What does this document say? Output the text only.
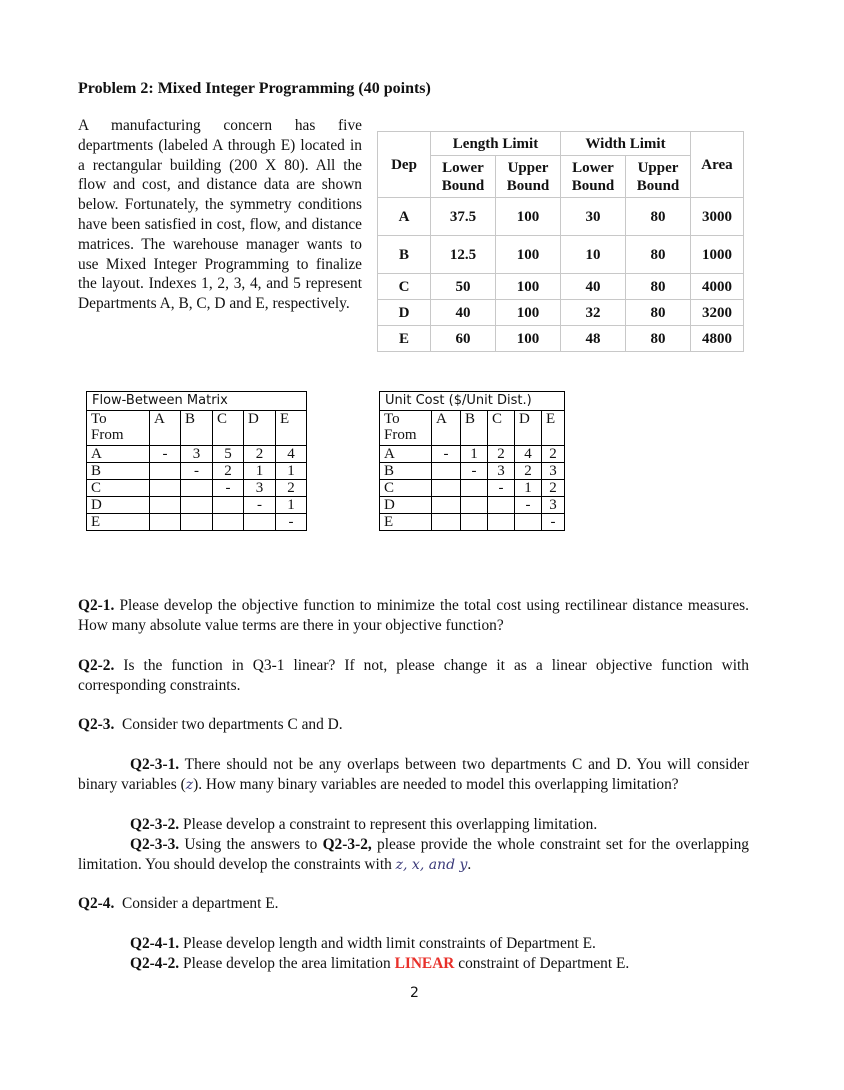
Problem 2: Mixed Integer Programming (40 points)
A manufacturing concern has five departments (labeled A through E) located in a rectangular building (200 X 80). All the flow and cost, and distance data are shown below. Fortunately, the symmetry conditions have been satisfied in cost, flow, and distance matrices. The warehouse manager wants to use Mixed Integer Programming to finalize the layout. Indexes 1, 2, 3, 4, and 5 represent Departments A, B, C, D and E, respectively.
Dep	Length Limit		Width Limit		Area
	Lower Bound	Upper Bound	Lower Bound	Upper Bound	
A	37.5	100	30	80	3000
B	12.5	100	10	80	1000
C	50	100	40	80	4000
D	40	100	32	80	3200
E	60	100	48	80	4800
Flow-Between Matrix					
To
From	A	B	C	D	E
A	-	3	5	2	4
B		-	2	1	1
C			-	3	2
D				-	1
E					-
Unit Cost ($/Unit Dist.)					
To
From	A	B	C	D	E
A	-	1	2	4	2
B		-	3	2	3
C			-	1	2
D				-	3
E					-
Q2-1. Please develop the objective function to minimize the total cost using rectilinear distance measures. How many absolute value terms are there in your objective function?
Q2-2. Is the function in Q3-1 linear? If not, please change it as a linear objective function with corresponding constraints.
Q2-3.  Consider two departments C and D.
Q2-3-1. There should not be any overlaps between two departments C and D. You will consider binary variables (z). How many binary variables are needed to model this overlapping limitation?
Q2-3-2. Please develop a constraint to represent this overlapping limitation.
Q2-3-3. Using the answers to Q2-3-2, please provide the whole constraint set for the overlapping limitation. You should develop the constraints with z, x, and y.
Q2-4.  Consider a department E.
Q2-4-1. Please develop length and width limit constraints of Department E.
Q2-4-2. Please develop the area limitation LINEAR constraint of Department E.
2
